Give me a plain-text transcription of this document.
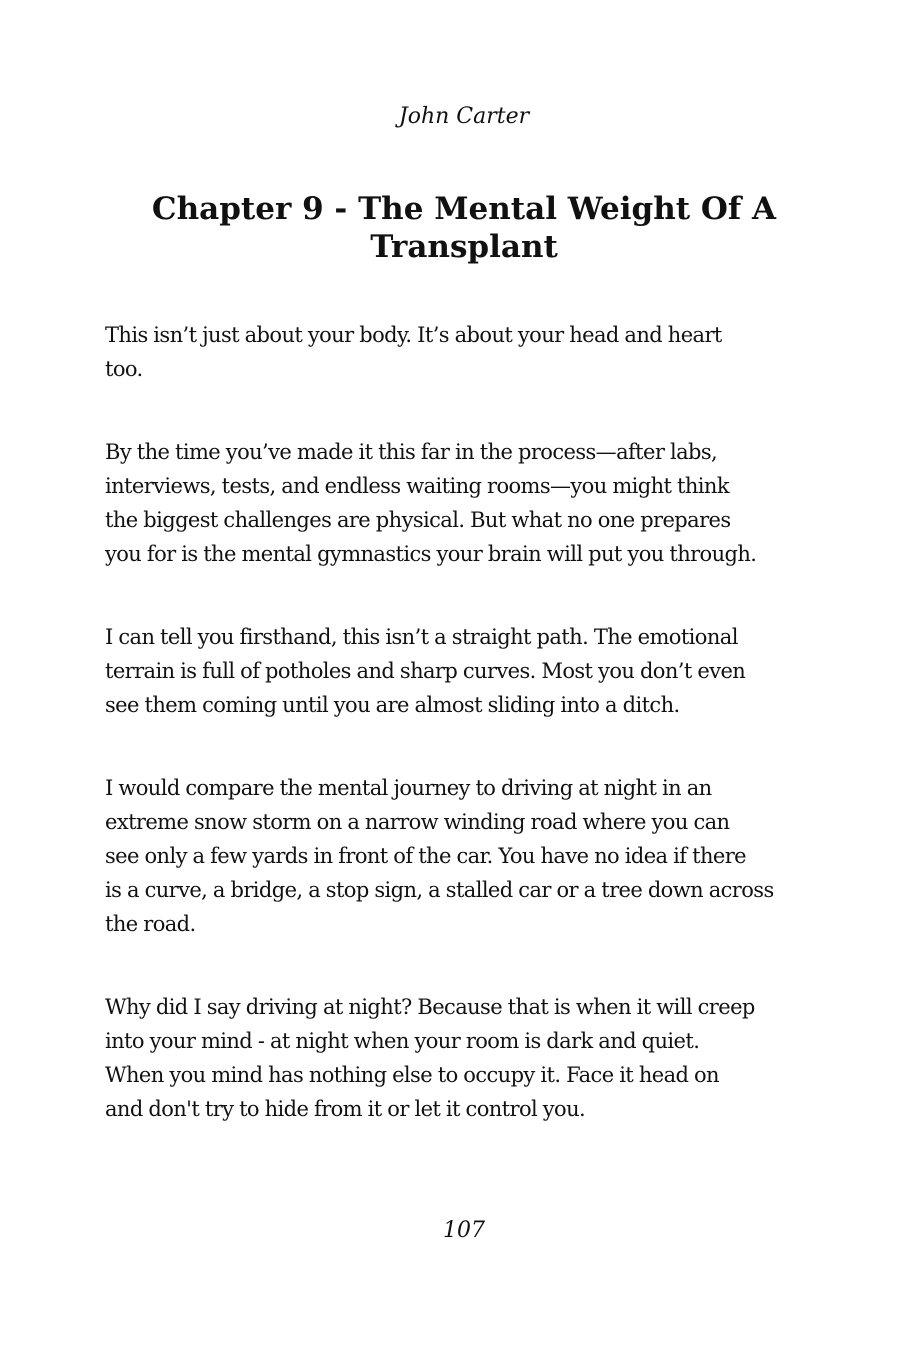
John Carter

Chapter 9 - The Mental Weight Of A Transplant

This isn’t just about your body. It’s about your head and heart
too.

By the time you’ve made it this far in the process—after labs,
interviews, tests, and endless waiting rooms—you might think
the biggest challenges are physical. But what no one prepares
you for is the mental gymnastics your brain will put you through.

I can tell you firsthand, this isn’t a straight path. The emotional
terrain is full of potholes and sharp curves. Most you don’t even
see them coming until you are almost sliding into a ditch.

I would compare the mental journey to driving at night in an
extreme snow storm on a narrow winding road where you can
see only a few yards in front of the car. You have no idea if there
is a curve, a bridge, a stop sign, a stalled car or a tree down across
the road.

Why did I say driving at night? Because that is when it will creep
into your mind - at night when your room is dark and quiet.
When you mind has nothing else to occupy it. Face it head on
and don't try to hide from it or let it control you.

107
